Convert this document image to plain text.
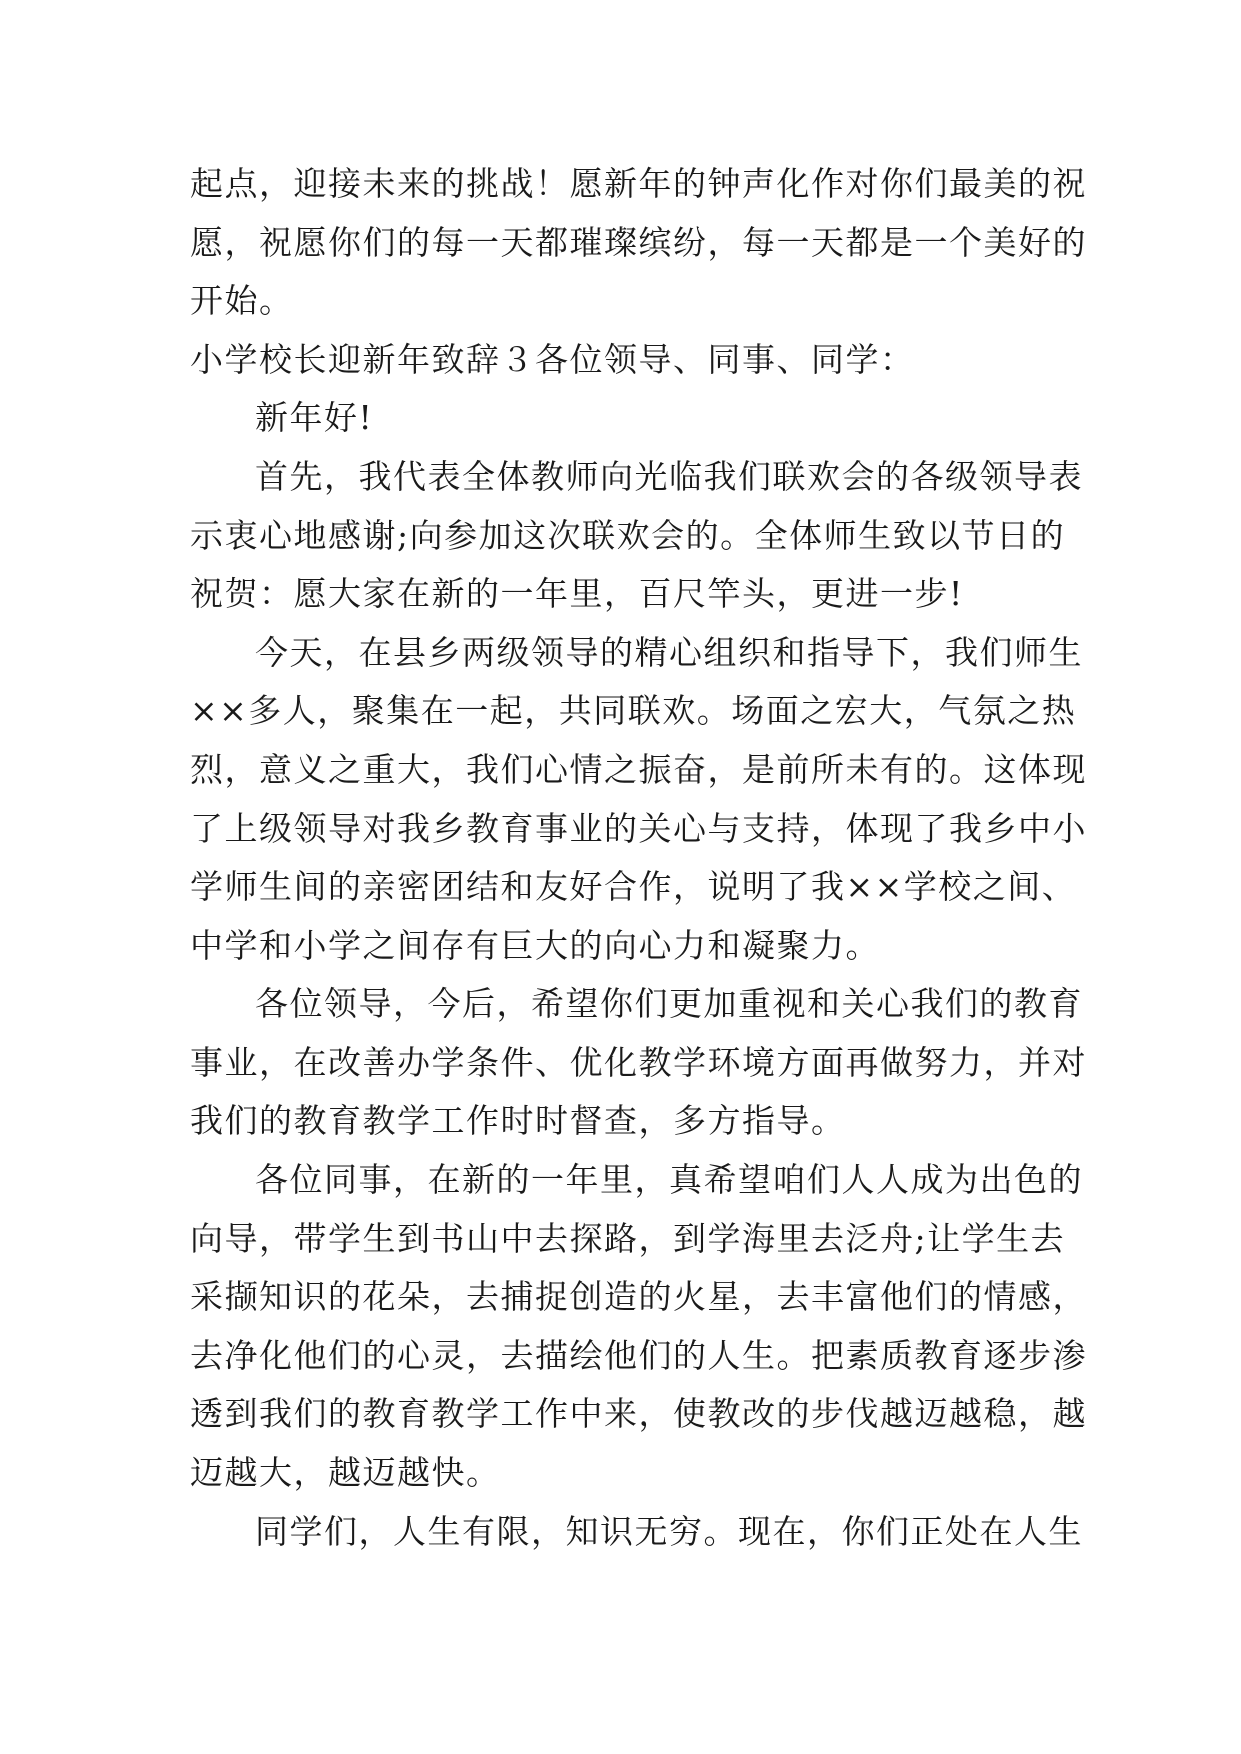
起点，迎接未来的挑战！愿新年的钟声化作对你们最美的祝
愿，祝愿你们的每一天都璀璨缤纷，每一天都是一个美好的
开始。
小学校长迎新年致辞３各位领导、同事、同学：
新年好!
首先，我代表全体教师向光临我们联欢会的各级领导表
示衷心地感谢;向参加这次联欢会的。全体师生致以节日的
祝贺：愿大家在新的一年里，百尺竿头，更进一步!
今天，在县乡两级领导的精心组织和指导下，我们师生
××多人，聚集在一起，共同联欢。场面之宏大，气氛之热
烈，意义之重大，我们心情之振奋，是前所未有的。这体现
了上级领导对我乡教育事业的关心与支持，体现了我乡中小
学师生间的亲密团结和友好合作，说明了我××学校之间、
中学和小学之间存有巨大的向心力和凝聚力。
各位领导，今后，希望你们更加重视和关心我们的教育
事业，在改善办学条件、优化教学环境方面再做努力，并对
我们的教育教学工作时时督查，多方指导。
各位同事，在新的一年里，真希望咱们人人成为出色的
向导，带学生到书山中去探路，到学海里去泛舟;让学生去
采撷知识的花朵，去捕捉创造的火星，去丰富他们的情感，
去净化他们的心灵，去描绘他们的人生。把素质教育逐步渗
透到我们的教育教学工作中来，使教改的步伐越迈越稳，越
迈越大，越迈越快。
同学们，人生有限，知识无穷。现在，你们正处在人生
